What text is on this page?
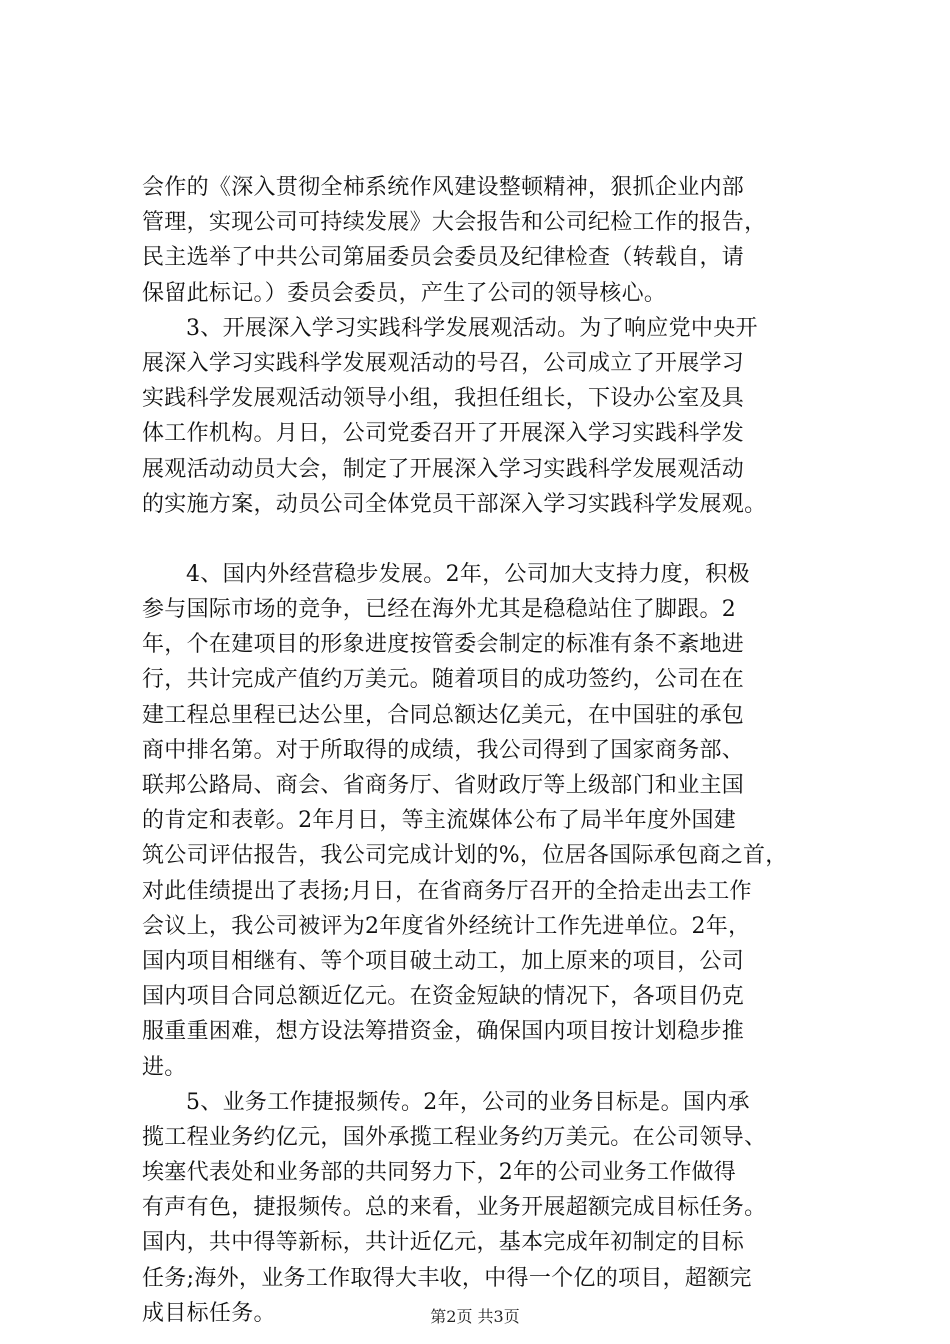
会作的《深入贯彻全柿系统作风建设整顿精神，狠抓企业内部
管理，实现公司可持续发展》大会报告和公司纪检工作的报告，
民主选举了中共公司第届委员会委员及纪律检查（转载自，请
保留此标记。）委员会委员，产生了公司的领导核心。
3、开展深入学习实践科学发展观活动。为了响应党中央开
展深入学习实践科学发展观活动的号召，公司成立了开展学习
实践科学发展观活动领导小组，我担任组长，下设办公室及具
体工作机构。月日，公司党委召开了开展深入学习实践科学发
展观活动动员大会，制定了开展深入学习实践科学发展观活动
的实施方案，动员公司全体党员干部深入学习实践科学发展观。
4、国内外经营稳步发展。2年，公司加大支持力度，积极
参与国际市场的竞争，已经在海外尤其是稳稳站住了脚跟。2
年，个在建项目的形象进度按管委会制定的标准有条不紊地进
行，共计完成产值约万美元。随着项目的成功签约，公司在在
建工程总里程已达公里，合同总额达亿美元，在中国驻的承包
商中排名第。对于所取得的成绩，我公司得到了国家商务部、
联邦公路局、商会、省商务厅、省财政厅等上级部门和业主国
的肯定和表彰。2年月日，等主流媒体公布了局半年度外国建
筑公司评估报告，我公司完成计划的%，位居各国际承包商之首，
对此佳绩提出了表扬;月日，在省商务厅召开的全拾走出去工作
会议上，我公司被评为2年度省外经统计工作先进单位。2年，
国内项目相继有、等个项目破土动工，加上原来的项目，公司
国内项目合同总额近亿元。在资金短缺的情况下，各项目仍克
服重重困难，想方设法筹措资金，确保国内项目按计划稳步推
进。
5、业务工作捷报频传。2年，公司的业务目标是。国内承
揽工程业务约亿元，国外承揽工程业务约万美元。在公司领导、
埃塞代表处和业务部的共同努力下，2年的公司业务工作做得
有声有色，捷报频传。总的来看，业务开展超额完成目标任务。
国内，共中得等新标，共计近亿元，基本完成年初制定的目标
任务;海外，业务工作取得大丰收，中得一个亿的项目，超额完
成目标任务。	第2页 共3页
